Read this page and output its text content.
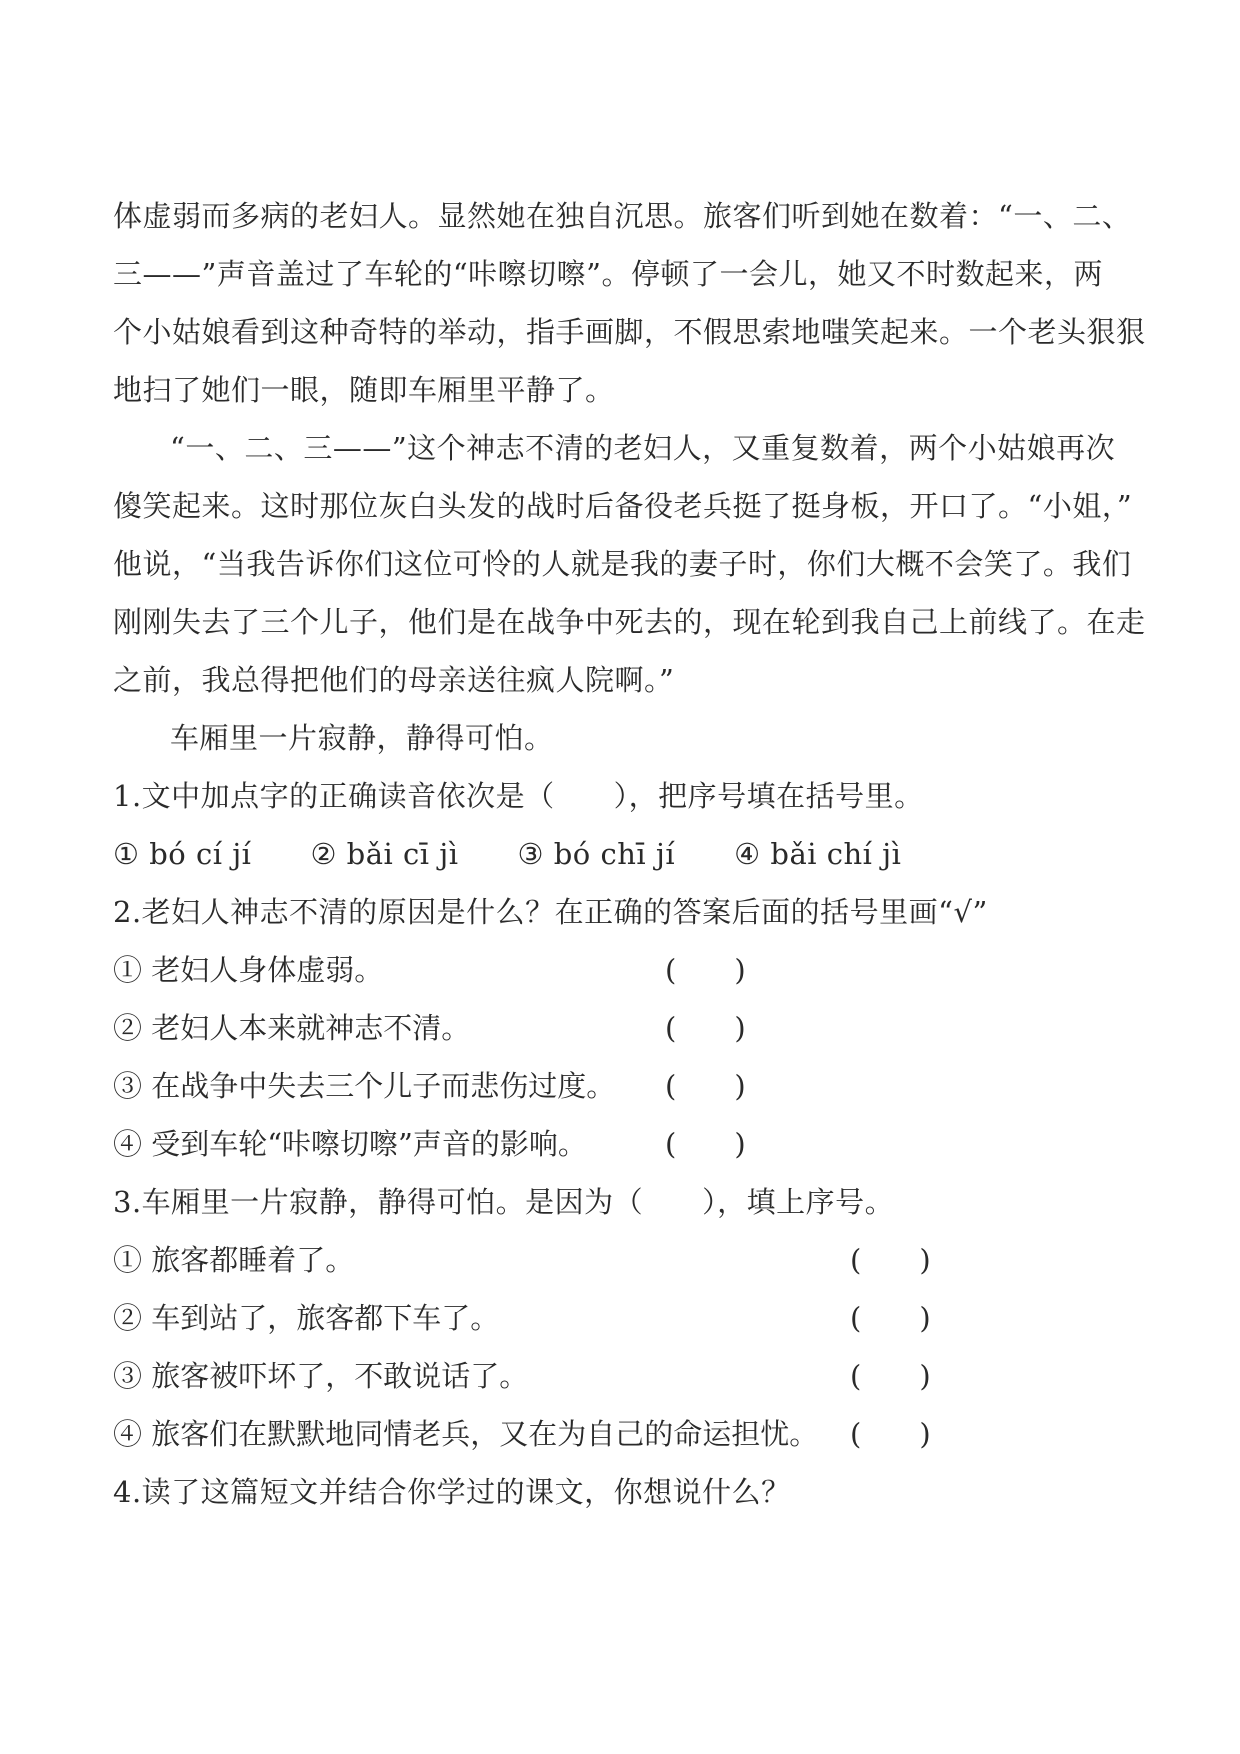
体虚弱而多病的老妇人。显然她在独自沉思。旅客们听到她在数着：“一、二、
三——”声音盖过了车轮的“咔嚓切嚓”。停顿了一会儿，她又不时数起来，两
个小姑娘看到这种奇特的举动，指手画脚，不假思索地嗤笑起来。一个老头狠狠
地扫了她们一眼，随即车厢里平静了。
“一、二、三——”这个神志不清的老妇人，又重复数着，两个小姑娘再次
傻笑起来。这时那位灰白头发的战时后备役老兵挺了挺身板，开口了。“小姐，”
他说，“当我告诉你们这位可怜的人就是我的妻子时，你们大概不会笑了。我们
刚刚失去了三个儿子，他们是在战争中死去的，现在轮到我自己上前线了。在走
之前，我总得把他们的母亲送往疯人院啊。”
车厢里一片寂静，静得可怕。
1.文中加点字的正确读音依次是（　　），把序号填在括号里。
① bó cí jí　　② bǎi cī jì　　③ bó chī jí　　④ bǎi chí jì
2.老妇人神志不清的原因是什么？在正确的答案后面的括号里画“√”
① 老妇人身体虚弱。	(　　)
② 老妇人本来就神志不清。	(　　)
③ 在战争中失去三个儿子而悲伤过度。 (　　)
④ 受到车轮“咔嚓切嚓”声音的影响。	(　　)
3.车厢里一片寂静，静得可怕。是因为（　　），填上序号。
① 旅客都睡着了。	(　　)
② 车到站了，旅客都下车了。	(　　)
③ 旅客被吓坏了，不敢说话了。	(　　)
④ 旅客们在默默地同情老兵，又在为自己的命运担忧。 (　　)
4.读了这篇短文并结合你学过的课文，你想说什么？
